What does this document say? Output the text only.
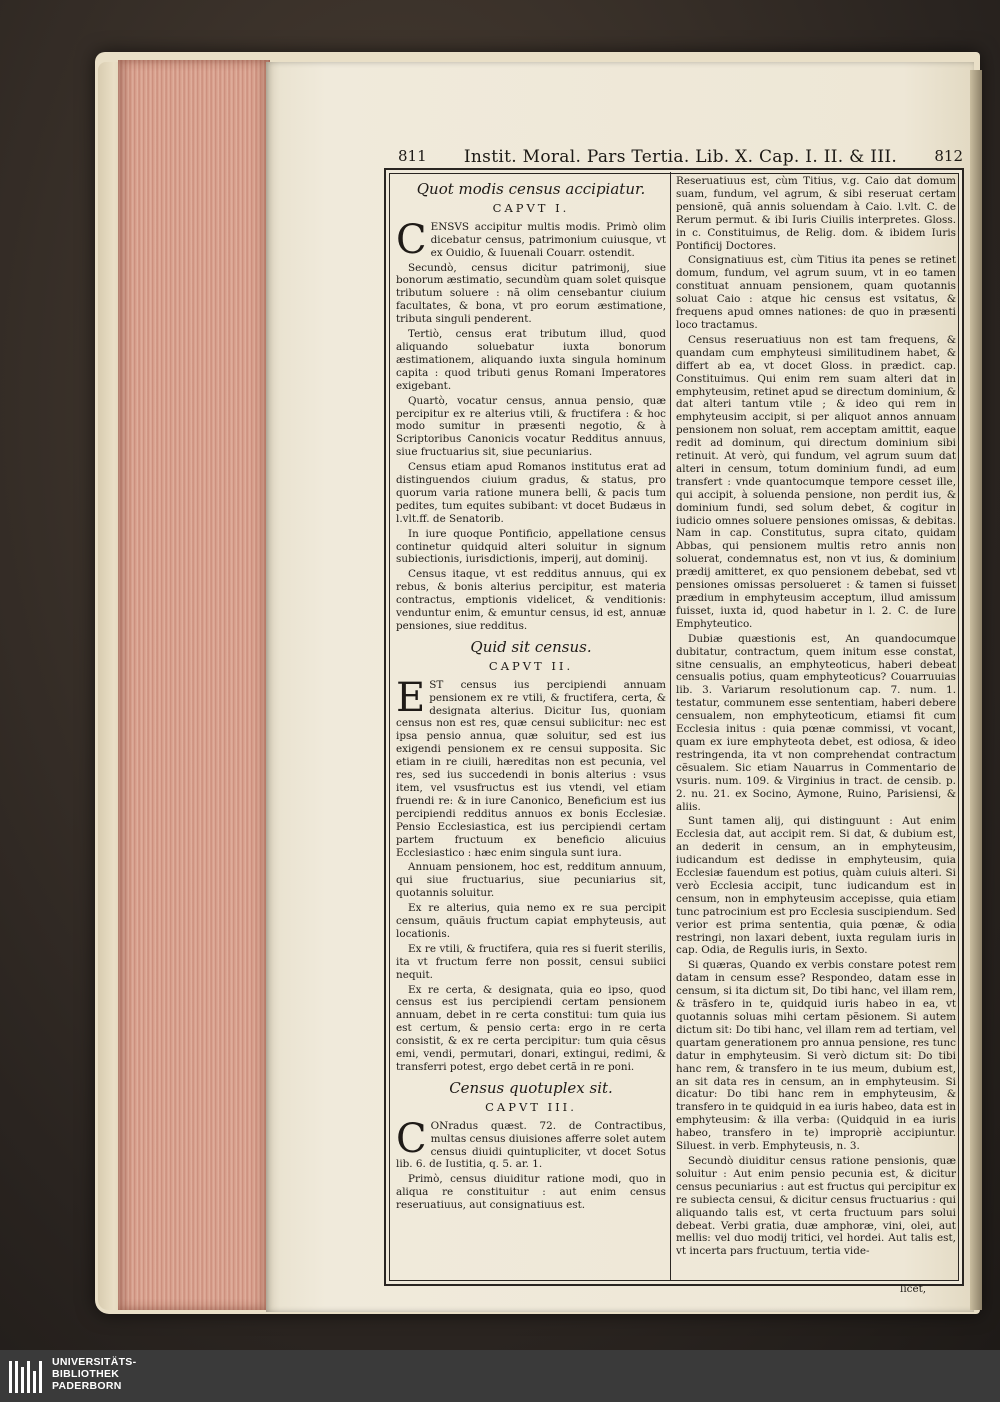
811	Instit. Moral. Pars Tertia. Lib. X. Cap. I. II. & III.	812
Quot modis census accipiatur.
CAPVT I.

CENSVS accipitur multis modis. Primò olim dicebatur census, patrimonium cuiusque, vt ex Ouidio, & Iuuenali Couarr. ostendit.

Secundò, census dicitur patrimonij, siue bonorum æstimatio, secundùm quam solet quisque tributum soluere : nã olim censebantur ciuium facultates, & bona, vt pro eorum æstimatione, tributa singuli penderent.

Tertiò, census erat tributum illud, quod aliquando soluebatur iuxta bonorum æstimationem, aliquando iuxta singula hominum capita : quod tributi genus Romani Imperatores exigebant.

Quartò, vocatur census, annua pensio, quæ percipitur ex re alterius vtili, & fructifera : & hoc modo sumitur in præsenti negotio, & à Scriptoribus Canonicis vocatur Redditus annuus, siue fructuarius sit, siue pecuniarius.

Census etiam apud Romanos institutus erat ad distinguendos ciuium gradus, & status, pro quorum varia ratione munera belli, & pacis tum pedites, tum equites subibant: vt docet Budæus in l.vlt.ff. de Senatorib.

In iure quoque Pontificio, appellatione census continetur quidquid alteri soluitur in signum subiectionis, iurisdictionis, imperij, aut dominij.

Census itaque, vt est redditus annuus, qui ex rebus, & bonis alterius percipitur, est materia contractus, emptionis videlicet, & venditionis: venduntur enim, & emuntur census, id est, annuæ pensiones, siue redditus.

Quid sit census.
CAPVT II.

EST census ius percipiendi annuam pensionem ex re vtili, & fructifera, certa, & designata alterius. Dicitur Ius, quoniam census non est res, quæ censui subiicitur: nec est ipsa pensio annua, quæ soluitur, sed est ius exigendi pensionem ex re censui supposita. Sic etiam in re ciuili, hæreditas non est pecunia, vel res, sed ius succedendi in bonis alterius : vsus item, vel vsusfructus est ius vtendi, vel etiam fruendi re: & in iure Canonico, Beneficium est ius percipiendi redditus annuos ex bonis Ecclesiæ. Pensio Ecclesiastica, est ius percipiendi certam partem fructuum ex beneficio alicuius Ecclesiastico : hæc enim singula sunt iura.

Annuam pensionem, hoc est, redditum annuum, qui siue fructuarius, siue pecuniarius sit, quotannis soluitur.

Ex re alterius, quia nemo ex re sua percipit censum, quãuis fructum capiat emphyteusis, aut locationis.

Ex re vtili, & fructifera, quia res si fuerit sterilis, ita vt fructum ferre non possit, censui subiici nequit.

Ex re certa, & designata, quia eo ipso, quod census est ius percipiendi certam pensionem annuam, debet in re certa constitui: tum quia ius est certum, & pensio certa: ergo in re certa consistit, & ex re certa percipitur: tum quia cẽsus emi, vendi, permutari, donari, extingui, redimi, & transferri potest, ergo debet certã in re poni.

Census quotuplex sit.
CAPVT III.

C ONradus quæst. 72. de Contractibus, multas census diuisiones afferre solet autem census diuidi quintupliciter, vt docet Sotus lib. 6. de Iustitia, q. 5. ar. 1.

Primò, census diuiditur ratione modi, quo in aliqua re constituitur : aut enim census reseruatiuus, aut consignatiuus est.

Reseruatiuus est, cùm Titius, v.g. Caio dat domum suam, fundum, vel agrum, & sibi reseruat certam pensionẽ, quã annis soluendam à Caio. l.vlt. C. de Rerum permut. & ibi Iuris Ciuilis interpretes. Gloss. in c. Constituimus, de Relig. dom. & ibidem Iuris Pontificij Doctores.

Consignatiuus est, cùm Titius ita penes se retinet domum, fundum, vel agrum suum, vt in eo tamen constituat annuam pensionem, quam quotannis soluat Caio : atque hic census est vsitatus, & frequens apud omnes nationes: de quo in præsenti loco tractamus.

Census reseruatiuus non est tam frequens, & quandam cum emphyteusi similitudinem habet, & differt ab ea, vt docet Gloss. in prædict. cap. Constituimus. Qui enim rem suam alteri dat in emphyteusim, retinet apud se directum dominium, & dat alteri tantum vtile ; & ideo qui rem in emphyteusim accipit, si per aliquot annos annuam pensionem non soluat, rem acceptam amittit, eaque redit ad dominum, qui directum dominium sibi retinuit. At verò, qui fundum, vel agrum suum dat alteri in censum, totum dominium fundi, ad eum transfert : vnde quantocumque tempore cesset ille, qui accipit, à soluenda pensione, non perdit ius, & dominium fundi, sed solum debet, & cogitur in iudicio omnes soluere pensiones omissas, & debitas. Nam in cap. Constitutus, supra citato, quidam Abbas, qui pensionem multis retro annis non soluerat, condemnatus est, non vt ius, & dominium prædij amitteret, ex quo pensionem debebat, sed vt pensiones omissas persolueret : & tamen si fuisset prædium in emphyteusim acceptum, illud amissum fuisset, iuxta id, quod habetur in l. 2. C. de Iure Emphyteutico.

Dubiæ quæstionis est, An quandocumque dubitatur, contractum, quem initum esse constat, sitne censualis, an emphyteoticus, haberi debeat censualis potius, quam emphyteoticus? Couarruuias lib. 3. Variarum resolutionum cap. 7. num. 1. testatur, communem esse sententiam, haberi debere censualem, non emphyteoticum, etiamsi fit cum Ecclesia initus : quia pœnæ commissi, vt vocant, quam ex iure emphyteota debet, est odiosa, & ideo restringenda, ita vt non comprehendat contractum cẽsualem. Sic etiam Nauarrus in Commentario de vsuris. num. 109. & Virginius in tract. de censib. p. 2. nu. 21. ex Socino, Aymone, Ruino, Parisiensi, & aliis.

Sunt tamen alij, qui distinguunt : Aut enim Ecclesia dat, aut accipit rem. Si dat, & dubium est, an dederit in censum, an in emphyteusim, iudicandum est dedisse in emphyteusim, quia Ecclesiæ fauendum est potius, quàm cuiuis alteri. Si verò Ecclesia accipit, tunc iudicandum est in censum, non in emphyteusim accepisse, quia etiam tunc patrocinium est pro Ecclesia suscipiendum. Sed verior est prima sententia, quia pœnæ, & odia restringi, non laxari debent, iuxta regulam iuris in cap. Odia, de Regulis iuris, in Sexto.

Si quæras, Quando ex verbis constare potest rem datam in censum esse? Respondeo, datam esse in censum, si ita dictum sit, Do tibi hanc, vel illam rem, & trãsfero in te, quidquid iuris habeo in ea, vt quotannis soluas mihi certam pẽsionem. Si autem dictum sit: Do tibi hanc, vel illam rem ad tertiam, vel quartam generationem pro annua pensione, res tunc datur in emphyteusim. Si verò dictum sit: Do tibi hanc rem, & transfero in te ius meum, dubium est, an sit data res in censum, an in emphyteusim. Si dicatur: Do tibi hanc rem in emphyteusim, & transfero in te quidquid in ea iuris habeo, data est in emphyteusim: & illa verba: (Quidquid in ea iuris habeo, transfero in te) impropriè accipiuntur. Siluest. in verb. Emphyteusis, n. 3.

Secundò diuiditur census ratione pensionis, quæ soluitur : Aut enim pensio pecunia est, & dicitur census pecuniarius : aut est fructus qui percipitur ex re subiecta censui, & dicitur census fructuarius : qui aliquando talis est, vt certa fructuum pars solui debeat. Verbi gratia, duæ amphoræ, vini, olei, aut mellis: vel duo modij tritici, vel hordei. Aut talis est, vt incerta pars fructuum, tertia vide-

licet,
UNIVERSITÄTS-
BIBLIOTHEK
PADERBORN
